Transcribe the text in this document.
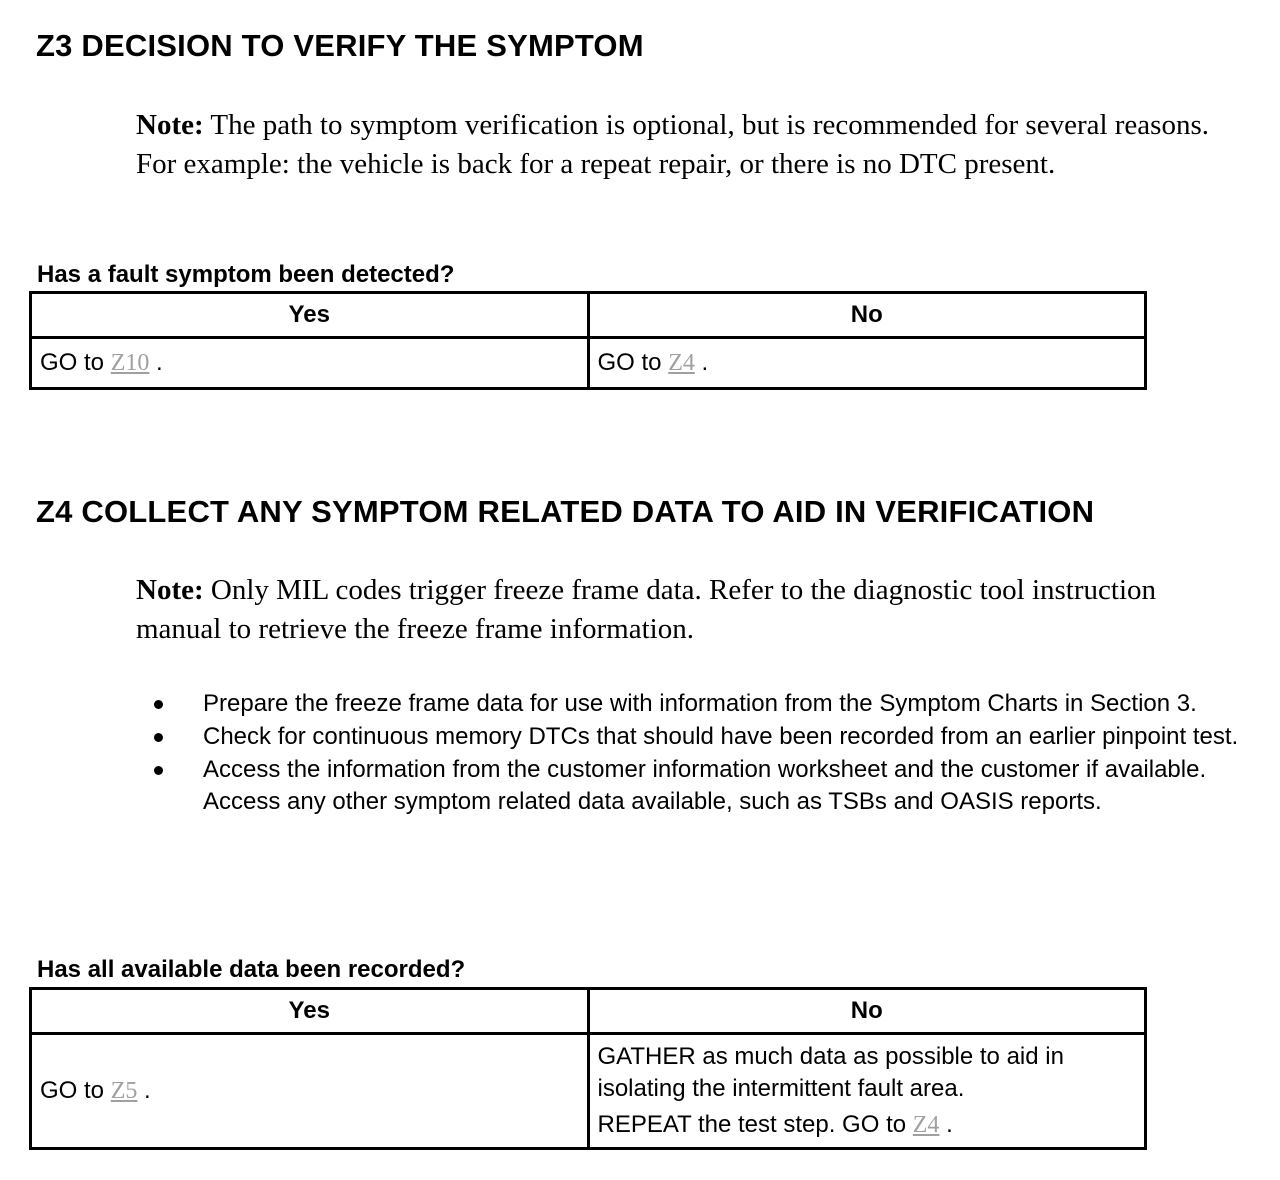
Z3 DECISION TO VERIFY THE SYMPTOM

Note: The path to symptom verification is optional, but is recommended for several reasons. For example: the vehicle is back for a repeat repair, or there is no DTC present.

Has a fault symptom been detected?

Yes	No
GO to Z10 .	GO to Z4 .
Z4 COLLECT ANY SYMPTOM RELATED DATA TO AID IN VERIFICATION

Note: Only MIL codes trigger freeze frame data. Refer to the diagnostic tool instruction manual to retrieve the freeze frame information.

Prepare the freeze frame data for use with information from the Symptom Charts in Section 3.
Check for continuous memory DTCs that should have been recorded from an earlier pinpoint test.
Access the information from the customer information worksheet and the customer if available. Access any other symptom related data available, such as TSBs and OASIS reports.

Has all available data been recorded?

Yes	No
GO to Z5 .	GATHER as much data as possible to aid in isolating the intermittent fault area.
REPEAT the test step. GO to Z4 .
